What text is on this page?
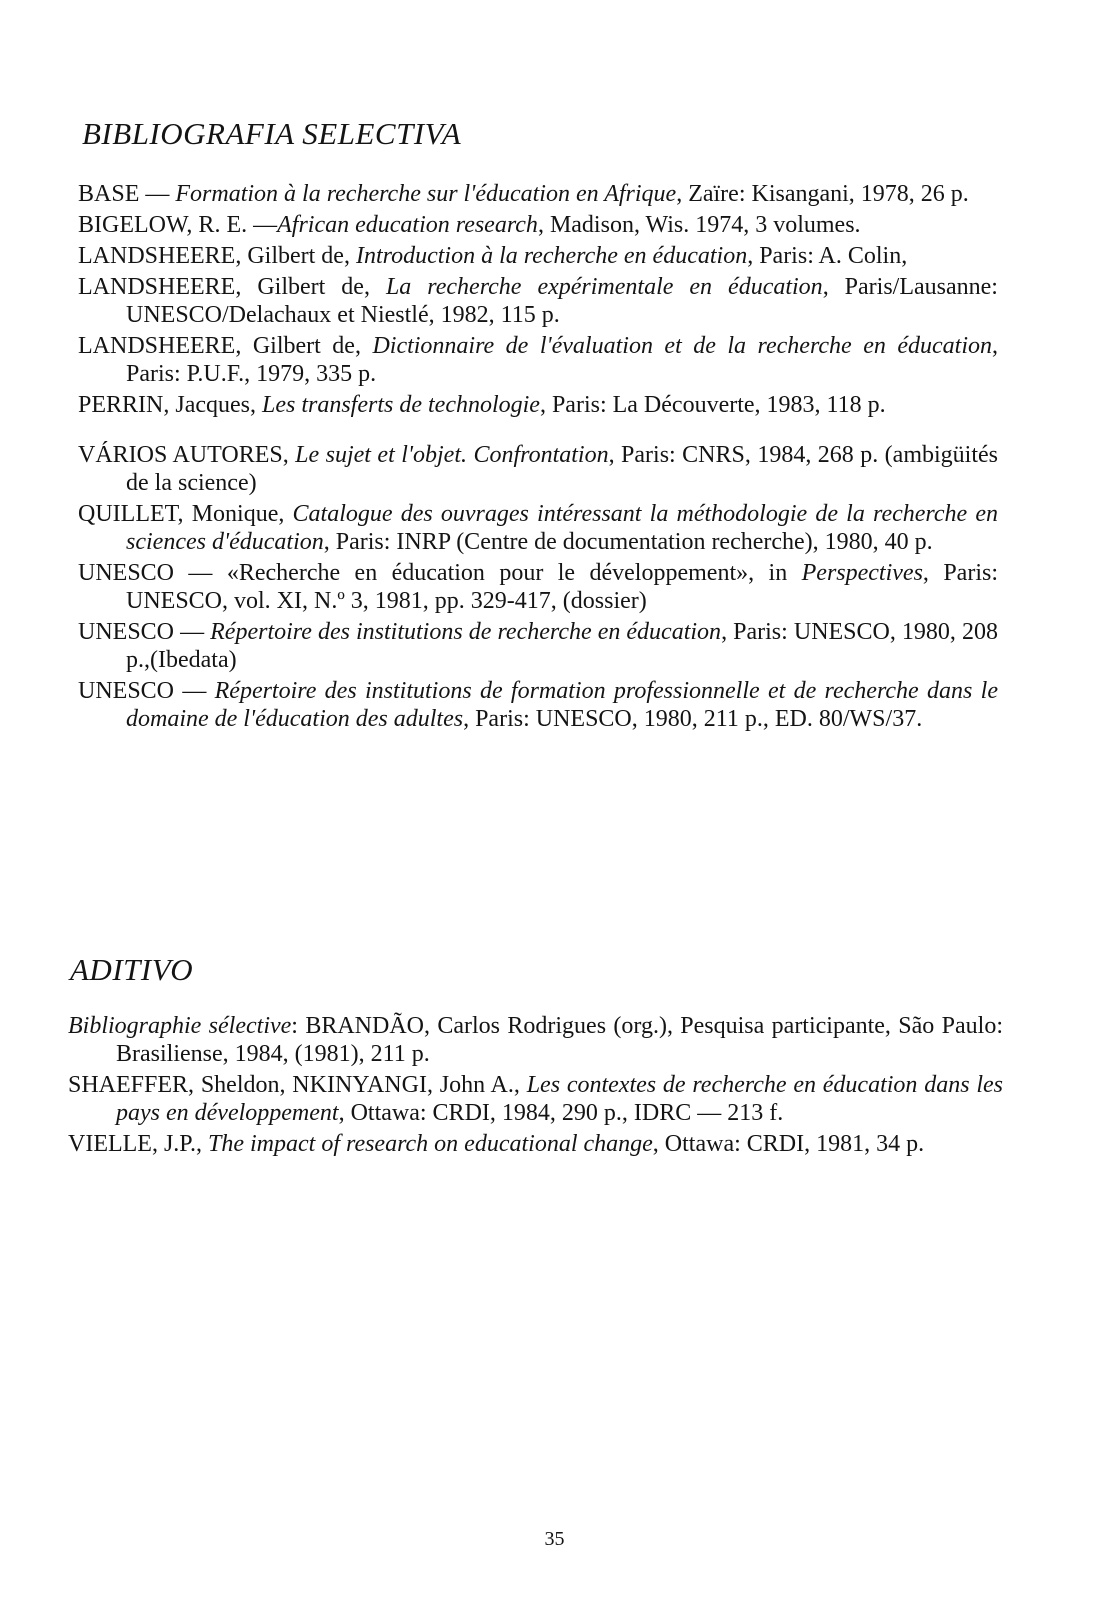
BIBLIOGRAFIA SELECTIVA
BASE — Formation à la recherche sur l'éducation en Afrique, Zaïre: Kisangani, 1978, 26 p.
BIGELOW, R. E. —African education research, Madison, Wis. 1974, 3 volumes.
LANDSHEERE, Gilbert de, Introduction à la recherche en éducation, Paris: A. Colin,
LANDSHEERE, Gilbert de, La recherche expérimentale en éducation, Paris/Lausanne: UNESCO/Delachaux et Niestlé, 1982, 115 p.
LANDSHEERE, Gilbert de, Dictionnaire de l'évaluation et de la recherche en éducation, Paris: P.U.F., 1979, 335 p.
PERRIN, Jacques, Les transferts de technologie, Paris: La Découverte, 1983, 118 p.
VÁRIOS AUTORES, Le sujet et l'objet. Confrontation, Paris: CNRS, 1984, 268 p. (ambigüités de la science)
QUILLET, Monique, Catalogue des ouvrages intéressant la méthodologie de la recherche en sciences d'éducation, Paris: INRP (Centre de documentation recherche), 1980, 40 p.
UNESCO — «Recherche en éducation pour le développement», in Perspectives, Paris: UNESCO, vol. XI, N.º 3, 1981, pp. 329-417, (dossier)
UNESCO — Répertoire des institutions de recherche en éducation, Paris: UNESCO, 1980, 208 p.,(Ibedata)
UNESCO — Répertoire des institutions de formation professionnelle et de recherche dans le domaine de l'éducation des adultes, Paris: UNESCO, 1980, 211 p., ED. 80/WS/37.
ADITIVO
Bibliographie sélective: BRANDÃO, Carlos Rodrigues (org.), Pesquisa participante, São Paulo: Brasiliense, 1984, (1981), 211 p.
SHAEFFER, Sheldon, NKINYANGI, John A., Les contextes de recherche en éducation dans les pays en développement, Ottawa: CRDI, 1984, 290 p., IDRC — 213 f.
VIELLE, J.P., The impact of research on educational change, Ottawa: CRDI, 1981, 34 p.

35
